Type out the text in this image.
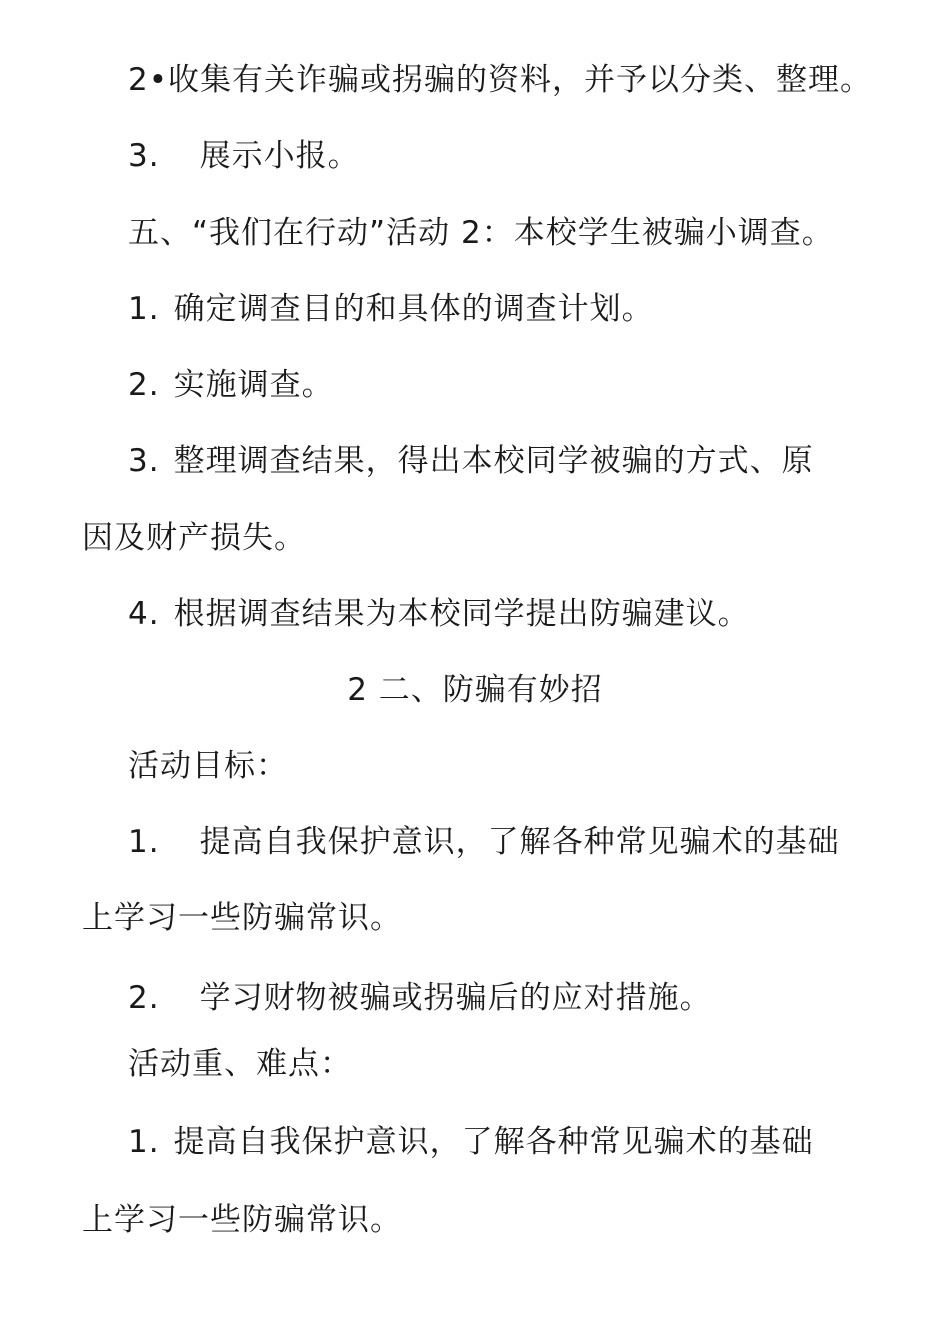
2•收集有关诈骗或拐骗的资料，并予以分类、整理。
3. 展示小报。
五、“我们在行动”活动 2：本校学生被骗小调查。
1. 确定调查目的和具体的调查计划。
2. 实施调查。
3. 整理调查结果，得出本校同学被骗的方式、原
因及财产损失。
4. 根据调查结果为本校同学提出防骗建议。
2 二、防骗有妙招
活动目标：
1. 提高自我保护意识，了解各种常见骗术的基础
上学习一些防骗常识。
2. 学习财物被骗或拐骗后的应对措施。
活动重、难点：
1. 提高自我保护意识，了解各种常见骗术的基础
上学习一些防骗常识。
